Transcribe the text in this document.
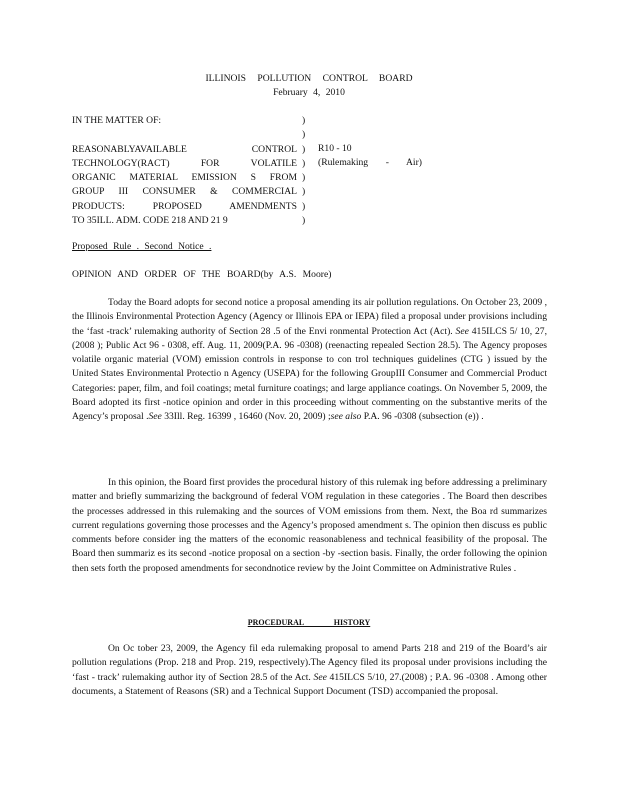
ILLINOIS POLLUTION CONTROL BOARD
February 4, 2010
IN THE MATTER OF:
REASONABLYAVAILABLE CONTROL
TECHNOLOGY(RACT) FOR VOLATILE
ORGANIC MATERIAL EMISSION S FROM
GROUP III CONSUMER & COMMERCIAL
PRODUCTS: PROPOSED AMENDMENTS
TO 35ILL. ADM. CODE 218 AND 21 9
)
)
)
)
)
)
)
)
R10 - 10
(Rulemaking - Air)
Proposed Rule . Second Notice .
OPINION AND ORDER OF THE BOARD(by A.S. Moore)

Today the Board adopts for second notice a proposal amending its air pollution regulations. On October 23, 2009 , the Illinois Environmental Protection Agency (Agency or Illinois EPA or IEPA) filed a proposal under provisions including the ‘fast -track’ rulemaking authority of Section 28 .5 of the Envi ronmental Protection Act (Act). See 415ILCS 5/ 10, 27, (2008 ); Public Act 96 - 0308, eff. Aug. 11, 2009(P.A. 96 -0308) (reenacting repealed Section 28.5). The Agency proposes volatile organic material (VOM) emission controls in response to con trol techniques guidelines (CTG ) issued by the United States Environmental Protectio n Agency (USEPA) for the following GroupIII Consumer and Commercial Product Categories: paper, film, and foil coatings; metal furniture coatings; and large appliance coatings. On November 5, 2009, the Board adopted its first -notice opinion and order in this proceeding without commenting on the substantive merits of the Agency’s proposal .See 33Ill. Reg. 16399 , 16460 (Nov. 20, 2009) ;see also P.A. 96 -0308 (subsection (e)) .

In this opinion, the Board first provides the procedural history of this rulemak ing before addressing a preliminary matter and briefly summarizing the background of federal VOM regulation in these categories . The Board then describes the processes addressed in this rulemaking and the sources of VOM emissions from them. Next, the Boa rd summarizes current regulations governing those processes and the Agency’s proposed amendment s. The opinion then discuss es public comments before consider ing the matters of the economic reasonableness and technical feasibility of the proposal. The Board then summariz es its second -notice proposal on a section -by -section basis. Finally, the order following the opinion then sets forth the proposed amendments for secondnotice review by the Joint Committee on Administrative Rules .

PROCEDURAL HISTORY

On Oc tober 23, 2009, the Agency fil eda rulemaking proposal to amend Parts 218 and 219 of the Board’s air pollution regulations (Prop. 218 and Prop. 219, respectively).The Agency filed its proposal under provisions including the ‘fast - track’ rulemaking author ity of Section 28.5 of the Act. See 415ILCS 5/10, 27.(2008) ; P.A. 96 -0308 . Among other documents, a Statement of Reasons (SR) and a Technical Support Document (TSD) accompanied the proposal.
